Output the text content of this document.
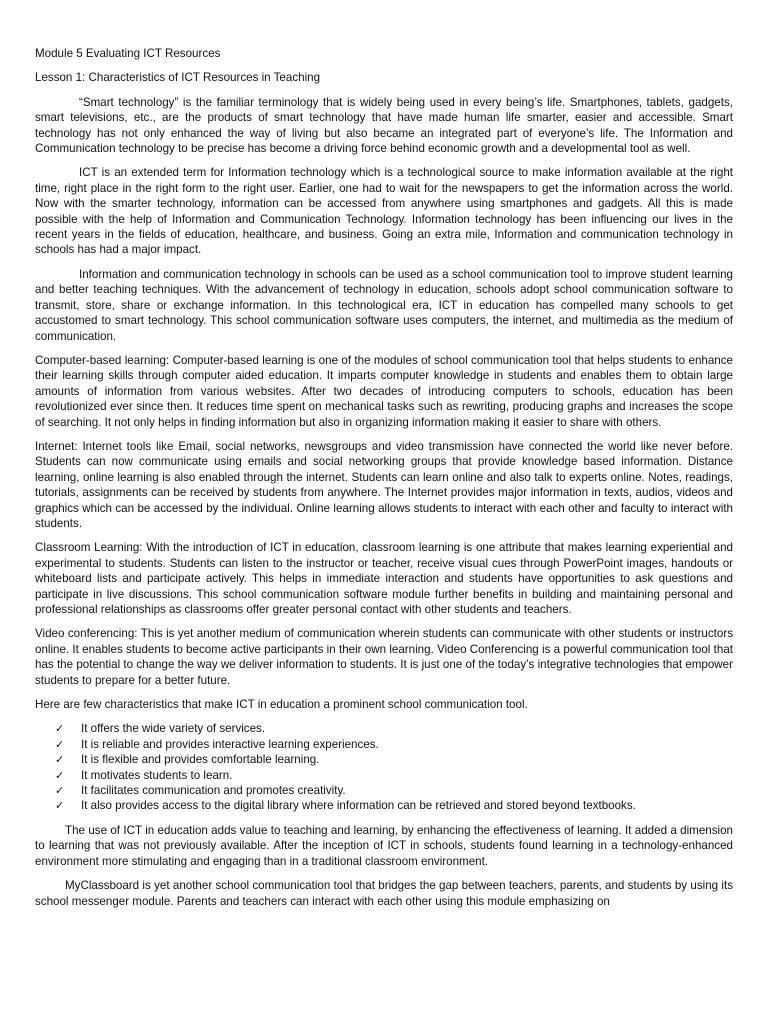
Module 5 Evaluating ICT Resources

Lesson 1: Characteristics of ICT Resources in Teaching

“Smart technology” is the familiar terminology that is widely being used in every being’s life. Smartphones, tablets, gadgets, smart televisions, etc., are the products of smart technology that have made human life smarter, easier and accessible. Smart technology has not only enhanced the way of living but also became an integrated part of everyone’s life. The Information and Communication technology to be precise has become a driving force behind economic growth and a developmental tool as well.

ICT is an extended term for Information technology which is a technological source to make information available at the right time, right place in the right form to the right user. Earlier, one had to wait for the newspapers to get the information across the world. Now with the smarter technology, information can be accessed from anywhere using smartphones and gadgets. All this is made possible with the help of Information and Communication Technology. Information technology has been influencing our lives in the recent years in the fields of education, healthcare, and business. Going an extra mile, Information and communication technology in schools has had a major impact.

Information and communication technology in schools can be used as a school communication tool to improve student learning and better teaching techniques. With the advancement of technology in education, schools adopt school communication software to transmit, store, share or exchange information. In this technological era, ICT in education has compelled many schools to get accustomed to smart technology. This school communication software uses computers, the internet, and multimedia as the medium of communication.

Computer-based learning: Computer-based learning is one of the modules of school communication tool that helps students to enhance their learning skills through computer aided education. It imparts computer knowledge in students and enables them to obtain large amounts of information from various websites. After two decades of introducing computers to schools, education has been revolutionized ever since then. It reduces time spent on mechanical tasks such as rewriting, producing graphs and increases the scope of searching. It not only helps in finding information but also in organizing information making it easier to share with others.

Internet: Internet tools like Email, social networks, newsgroups and video transmission have connected the world like never before. Students can now communicate using emails and social networking groups that provide knowledge based information. Distance learning, online learning is also enabled through the internet. Students can learn online and also talk to experts online. Notes, readings, tutorials, assignments can be received by students from anywhere. The Internet provides major information in texts, audios, videos and graphics which can be accessed by the individual. Online learning allows students to interact with each other and faculty to interact with students.

Classroom Learning: With the introduction of ICT in education, classroom learning is one attribute that makes learning experiential and experimental to students. Students can listen to the instructor or teacher, receive visual cues through PowerPoint images, handouts or whiteboard lists and participate actively. This helps in immediate interaction and students have opportunities to ask questions and participate in live discussions. This school communication software module further benefits in building and maintaining personal and professional relationships as classrooms offer greater personal contact with other students and teachers.

Video conferencing: This is yet another medium of communication wherein students can communicate with other students or instructors online. It enables students to become active participants in their own learning. Video Conferencing is a powerful communication tool that has the potential to change the way we deliver information to students. It is just one of the today’s integrative technologies that empower students to prepare for a better future.

Here are few characteristics that make ICT in education a prominent school communication tool.

✓ It offers the wide variety of services.
✓ It is reliable and provides interactive learning experiences.
✓ It is flexible and provides comfortable learning.
✓ It motivates students to learn.
✓ It facilitates communication and promotes creativity.
✓ It also provides access to the digital library where information can be retrieved and stored beyond textbooks.

The use of ICT in education adds value to teaching and learning, by enhancing the effectiveness of learning. It added a dimension to learning that was not previously available. After the inception of ICT in schools, students found learning in a technology-enhanced environment more stimulating and engaging than in a traditional classroom environment.

MyClassboard is yet another school communication tool that bridges the gap between teachers, parents, and students by using its school messenger module. Parents and teachers can interact with each other using this module emphasizing on
